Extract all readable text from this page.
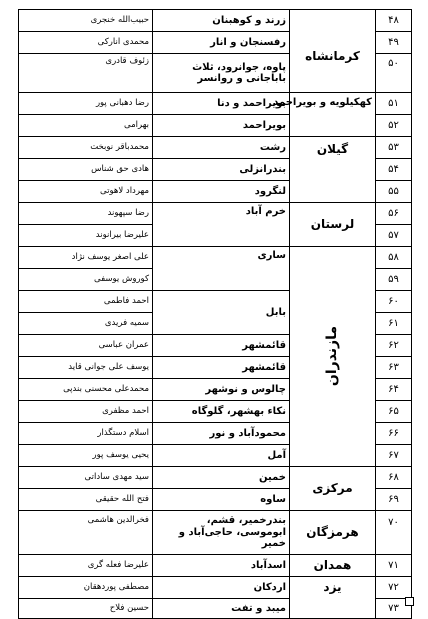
۴۸	کرمانشاه	زرند و کوهبنان	حبیب‌الله خنجری
۴۹		رفسنجان و انار	محمدی انارکی
۵۰		پاوه، جوانرود، ثلاث باباجانی و روانسر	زئوف قادری
۵۱	کهکیلویه و بویراحمد	بویراحمد و دنا	رضا دهبانی پور
۵۲		بویراحمد	بهرامی
۵۳	گیلان	رشت	محمدباقر نوبخت
۵۴		بندرانزلی	هادی حق شناس
۵۵		لنگرود	مهرداد لاهوتی
۵۶	لرستان	خرم آباد	رضا سپهوند
۵۷			علیرضا بیرانوند
۵۸	مازندران	ساری	علی اصغر یوسف نژاد
۵۹			کوروش یوسفی
۶۰		بابل	احمد فاطمی
۶۱			سمیه فریدی
۶۲		قائمشهر	عمران عباسی
۶۳		قائمشهر	یوسف علی جوانی قاید
۶۴		چالوس و نوشهر	محمدعلی محسنی بندپی
۶۵		نکاء بهشهر، گلوگاه	احمد مظفری
۶۶		محمودآباد و نور	اسلام دستگذار
۶۷		آمل	یحیی یوسف پور
۶۸	مرکزی	خمین	سید مهدی ساداتی
۶۹		ساوه	فتح الله حقیقی
۷۰	هرمزگان	بندرخمیر، قشم، ابوموسی، حاجی‌آباد و خمیر	فخرالدین هاشمی
۷۱	همدان	اسدآباد	علیرضا فعله گری
۷۲	یزد	اردکان	مصطفی پوردهقان
۷۳		میبد و تفت	حسین فلاح
